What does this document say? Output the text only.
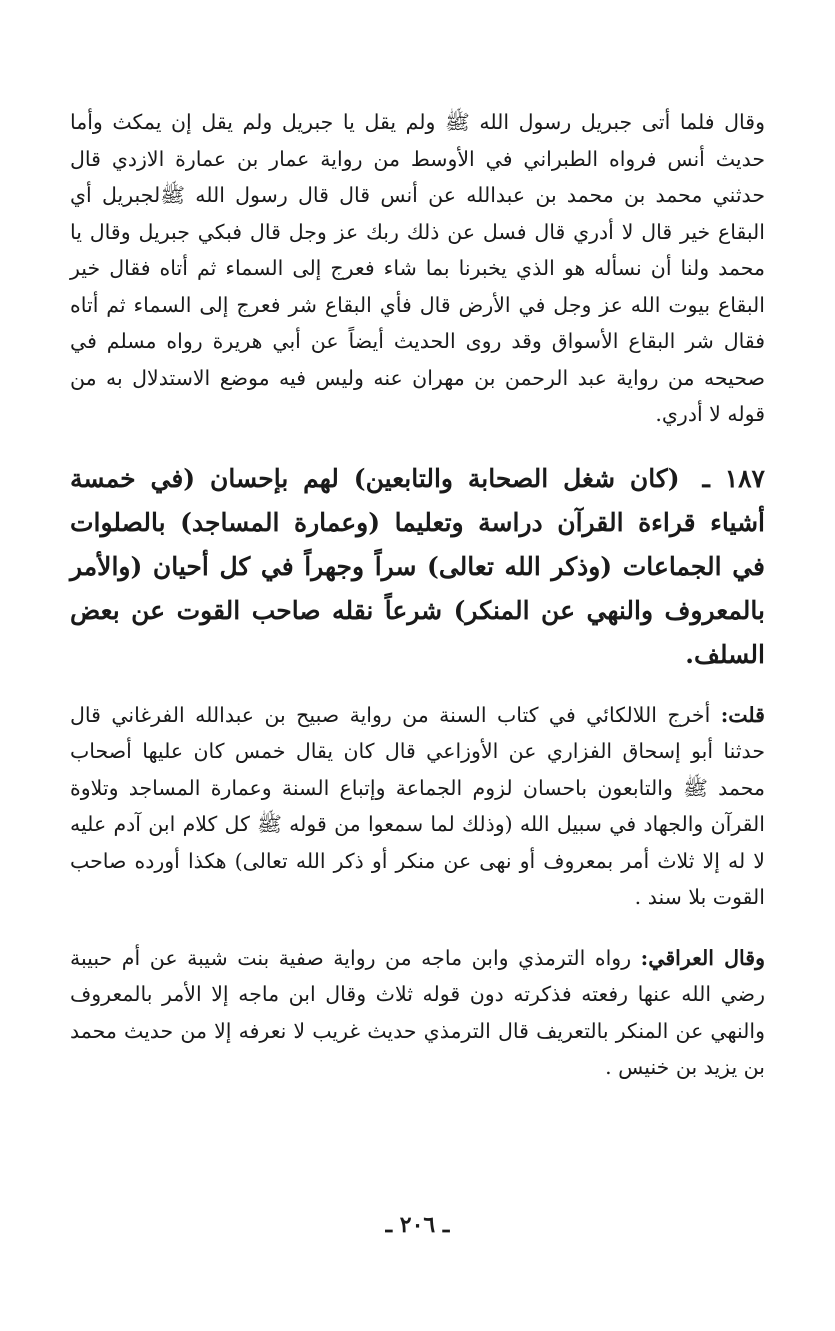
وقال فلما أتى جبريل رسول الله ﷺ ولم يقل يا جبريل ولم يقل إن يمكث وأما حديث أنس فرواه الطبراني في الأوسط من رواية عمار بن عمارة الازدي قال حدثني محمد بن محمد بن عبدالله عن أنس قال قال رسول الله ﷺلجبريل أي البقاع خير قال لا أدري قال فسل عن ذلك ربك عز وجل قال فبكي جبريل وقال يا محمد ولنا أن نسأله هو الذي يخبرنا بما شاء فعرج إلى السماء ثم أتاه فقال خير البقاع بيوت الله عز وجل في الأرض قال فأي البقاع شر فعرج إلى السماء ثم أتاه فقال شر البقاع الأسواق وقد روى الحديث أيضاً عن أبي هريرة رواه مسلم في صحيحه من رواية عبد الرحمن بن مهران عنه وليس فيه موضع الاستدلال به من قوله لا أدري.

١٨٧ ـ (كان شغل الصحابة والتابعين) لهم بإحسان (في خمسة أشياء قراءة القرآن دراسة وتعليما (وعمارة المساجد) بالصلوات في الجماعات (وذكر الله تعالى) سراً وجهراً في كل أحيان (والأمر بالمعروف والنهي عن المنكر) شرعاً نقله صاحب القوت عن بعض السلف.

قلت: أخرج اللالكائي في كتاب السنة من رواية صبيح بن عبدالله الفرغاني قال حدثنا أبو إسحاق الفزاري عن الأوزاعي قال كان يقال خمس كان عليها أصحاب محمد ﷺ والتابعون باحسان لزوم الجماعة وإتباع السنة وعمارة المساجد وتلاوة القرآن والجهاد في سبيل الله (وذلك لما سمعوا من قوله ﷺ كل كلام ابن آدم عليه لا له إلا ثلاث أمر بمعروف أو نهى عن منكر أو ذكر الله تعالى) هكذا أورده صاحب القوت بلا سند .

وقال العراقي: رواه الترمذي وابن ماجه من رواية صفية بنت شيبة عن أم حبيبة رضي الله عنها رفعته فذكرته دون قوله ثلاث وقال ابن ماجه إلا الأمر بالمعروف والنهي عن المنكر بالتعريف قال الترمذي حديث غريب لا نعرفه إلا من حديث محمد بن يزيد بن خنيس .

ـ ٢٠٦ ـ
